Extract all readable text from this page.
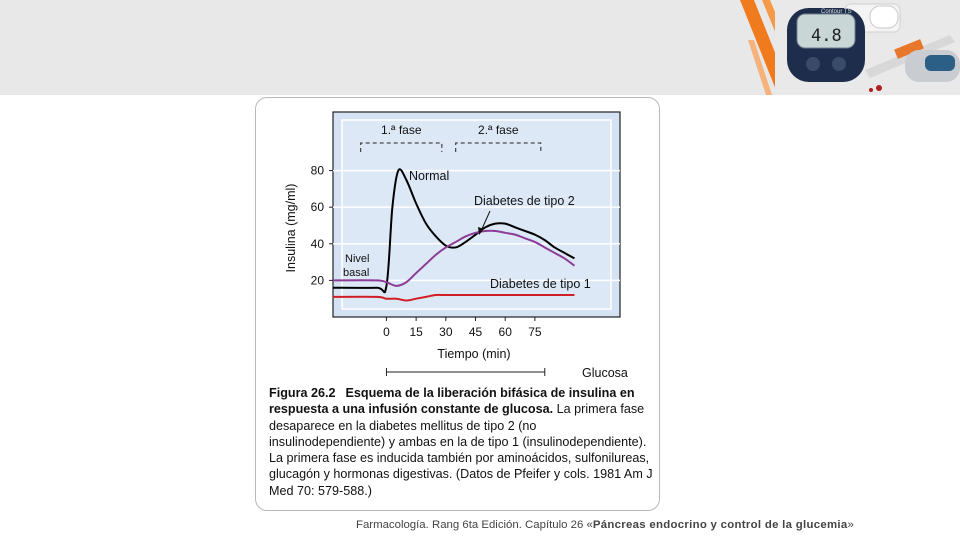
4.8
Contour TS
20
40
60
80
0 15 30 45 60 75
Insulina (mg/ml)
Tiempo (min)
1.ª fase	2.ª fase
Nivel
basal
Normal
Diabetes de tipo 2
Diabetes de tipo 1
Glucosa
Figura 26.2 Esquema de la liberación bifásica de insulina en respuesta a una infusión constante de glucosa. La primera fase desaparece en la diabetes mellitus de tipo 2 (no insulinodependiente) y ambas en la de tipo 1 (insulinodependiente). La primera fase es inducida también por aminoácidos, sulfonilureas, glucagón y hormonas digestivas. (Datos de Pfeifer y cols. 1981 Am J Med 70: 579-588.)
Farmacología. Rang 6ta Edición. Capítulo 26 «Páncreas endocrino y control de la glucemia»
